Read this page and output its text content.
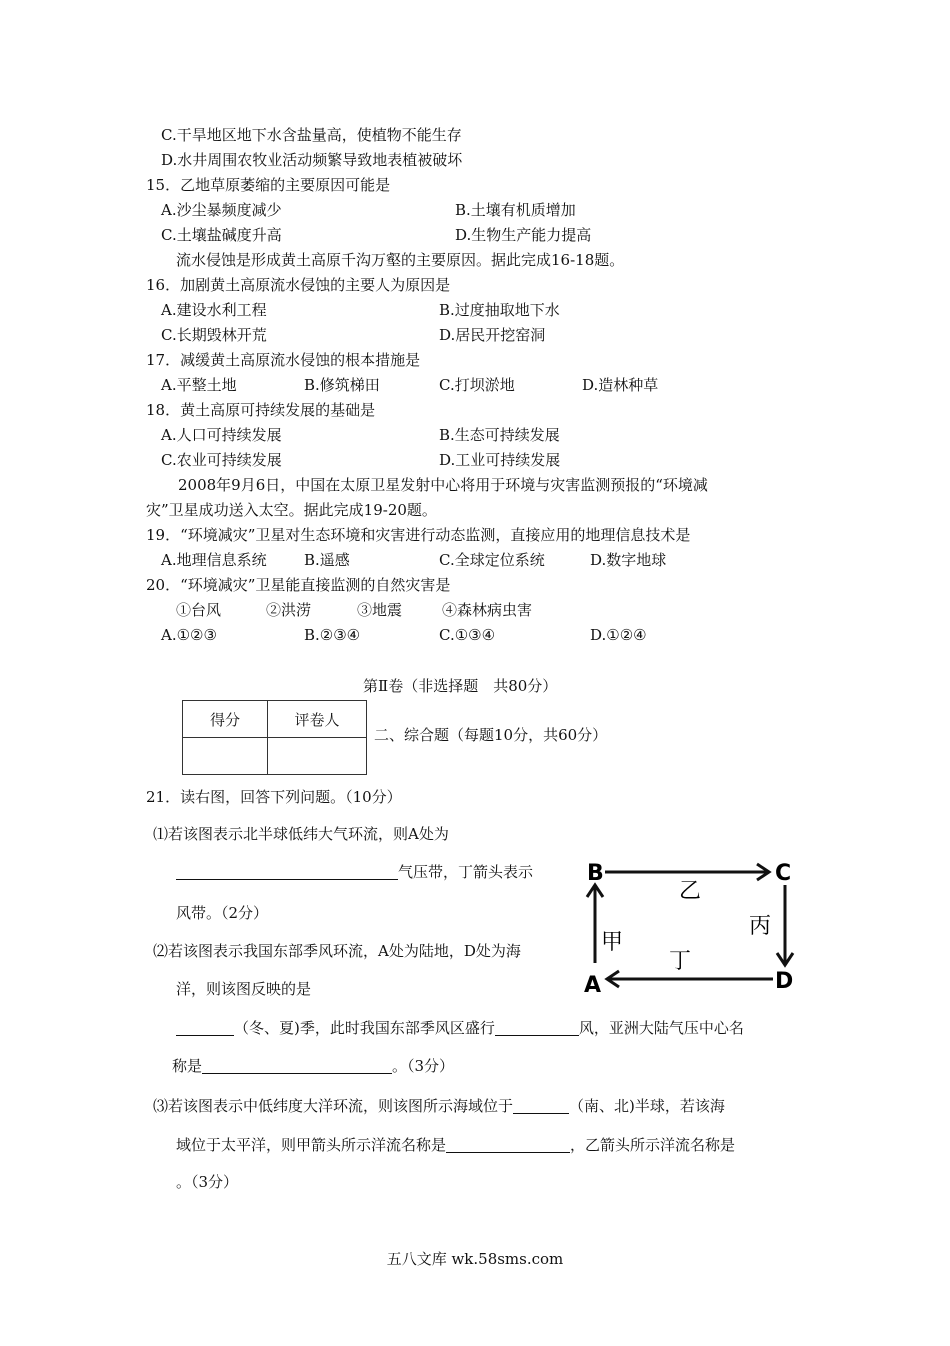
C.干旱地区地下水含盐量高，使植物不能生存
D.水井周围农牧业活动频繁导致地表植被破坏
15．乙地草原萎缩的主要原因可能是
A.沙尘暴频度减少	B.土壤有机质增加
C.土壤盐碱度升高	D.生物生产能力提高
流水侵蚀是形成黄土高原千沟万壑的主要原因。据此完成16-18题。
16．加剧黄土高原流水侵蚀的主要人为原因是
A.建设水利工程	B.过度抽取地下水
C.长期毁林开荒	D.居民开挖窑洞
17．减缓黄土高原流水侵蚀的根本措施是
A.平整土地	B.修筑梯田	C.打坝淤地	D.造林种草
18．黄土高原可持续发展的基础是
A.人口可持续发展	B.生态可持续发展
C.农业可持续发展	D.工业可持续发展
2008年9月6日，中国在太原卫星发射中心将用于环境与灾害监测预报的“环境减
灾”卫星成功送入太空。据此完成19-20题。
19．“环境减灾”卫星对生态环境和灾害进行动态监测，直接应用的地理信息技术是
A.地理信息系统 B.遥感	C.全球定位系统	D.数字地球
20．“环境减灾”卫星能直接监测的自然灾害是
①台风	②洪涝	③地震	④森林病虫害
A.①②③	B.②③④	C.①③④	D.①②④
第Ⅱ卷（非选择题　共80分）
得分	评卷人

二、综合题（每题10分，共60分）
21．读右图，回答下列问题。（10分）
⑴若该图表示北半球低纬大气环流，则A处为
气压带，丁箭头表示
风带。（2分）
⑵若该图表示我国东部季风环流，A处为陆地，D处为海
洋，则该图反映的是
（冬、夏)季，此时我国东部季风区盛行	风，亚洲大陆气压中心名
称是	。（3分）
⑶若该图表示中低纬度大洋环流，则该图所示海域位于	（南、北)半球，若该海
域位于太平洋，则甲箭头所示洋流名称是	，乙箭头所示洋流名称是
。（3分）
B	C
A	D
乙
丙
甲
丁
五八文库 wk.58sms.com
